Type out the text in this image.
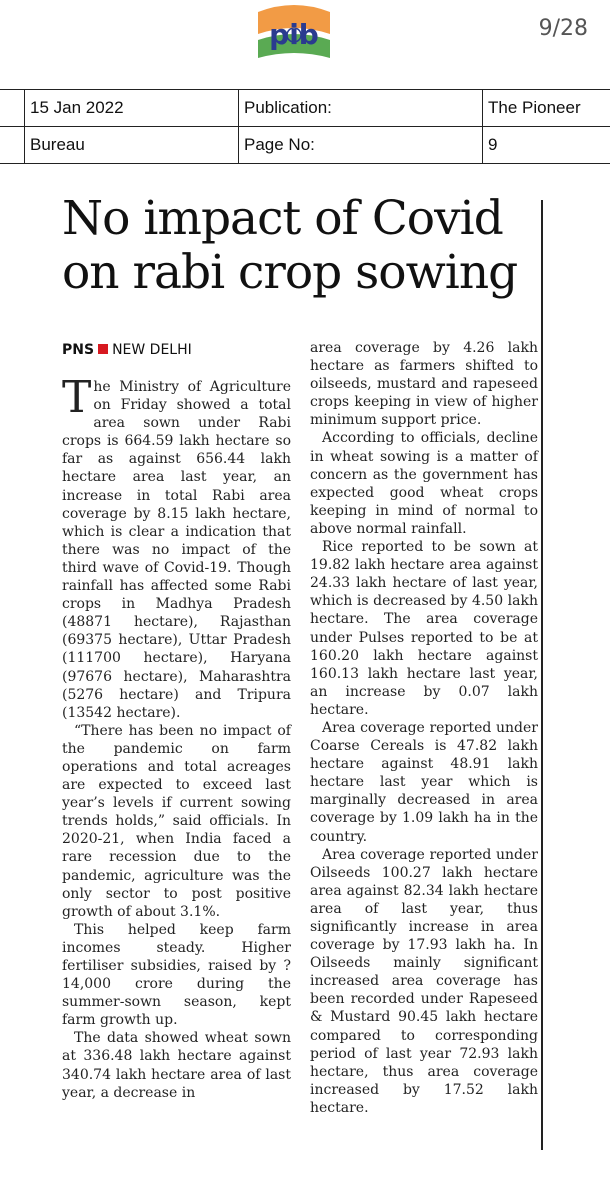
pib	9/28
	15 Jan 2022	Publication:	The Pioneer
	Bureau	Page No:	9
No impact of Covid on rabi crop sowing
PNS NEW DELHI

The Ministry of Agriculture on Friday showed a total area sown under Rabi crops is 664.59 lakh hectare so far as against 656.44 lakh hectare area last year, an increase in total Rabi area coverage by 8.15 lakh hectare, which is clear a indication that there was no impact of the third wave of Covid-19. Though rainfall has affected some Rabi crops in Madhya Pradesh (48871 hectare), Rajasthan (69375 hectare), Uttar Pradesh (111700 hectare), Haryana (97676 hectare), Maharashtra (5276 hectare) and Tripura (13542 hectare).

“There has been no impact of the pandemic on farm operations and total acreages are expected to exceed last year’s levels if current sowing trends holds,” said officials. In 2020-21, when India faced a rare recession due to the pandemic, agriculture was the only sector to post positive growth of about 3.1%.

This helped keep farm incomes steady. Higher fertiliser subsidies, raised by ?14,000 crore during the summer-sown season, kept farm growth up.

The data showed wheat sown at 336.48 lakh hectare against 340.74 lakh hectare area of last year, a decrease in

area coverage by 4.26 lakh hectare as farmers shifted to oilseeds, mustard and rapeseed crops keeping in view of higher minimum support price.

According to officials, decline in wheat sowing is a matter of concern as the government has expected good wheat crops keeping in mind of normal to above normal rainfall.

Rice reported to be sown at 19.82 lakh hectare area against 24.33 lakh hectare of last year, which is decreased by 4.50 lakh hectare. The area coverage under Pulses reported to be at 160.20 lakh hectare against 160.13 lakh hectare last year, an increase by 0.07 lakh hectare.

Area coverage reported under Coarse Cereals is 47.82 lakh hectare against 48.91 lakh hectare last year which is marginally decreased in area coverage by 1.09 lakh ha in the country.

Area coverage reported under Oilseeds 100.27 lakh hectare area against 82.34 lakh hectare area of last year, thus significantly increase in area coverage by 17.93 lakh ha. In Oilseeds mainly significant increased area coverage has been recorded under Rapeseed & Mustard 90.45 lakh hectare compared to corresponding period of last year 72.93 lakh hectare, thus area coverage increased by 17.52 lakh hectare.
